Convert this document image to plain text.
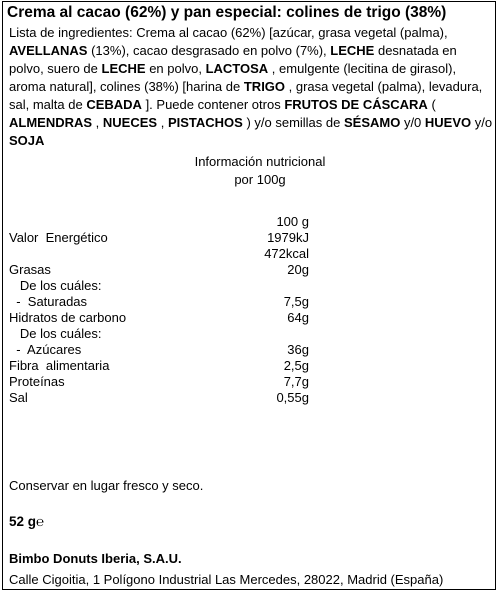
Crema al cacao (62%) y pan especial: colines de trigo (38%)
Lista de ingredientes: Crema al cacao (62%) [azúcar, grasa vegetal (palma), AVELLANAS (13%), cacao desgrasado en polvo (7%), LECHE desnatada en polvo, suero de LECHE en polvo, LACTOSA , emulgente (lecitina de girasol), aroma natural], colines (38%) [harina de TRIGO , grasa vegetal (palma), levadura, sal, malta de CEBADA ]. Puede contener otros FRUTOS DE CÁSCARA ( ALMENDRAS , NUECES , PISTACHOS ) y/o semillas de SÉSAMO y/0 HUEVO y/o SOJA
Información nutricional
por 100g
100 g
Valor  Energético	1979kJ
472kcal
Grasas	20g
De los cuáles:
-  Saturadas	7,5g
Hidratos de carbono	64g
De los cuáles:
-  Azúcares	36g
Fibra  alimentaria	2,5g
Proteínas	7,7g
Sal	0,55g
Conservar en lugar fresco y seco.
52 g℮
Bimbo Donuts Iberia, S.A.U.
Calle Cigoitia, 1 Polígono Industrial Las Mercedes, 28022, Madrid (España)
